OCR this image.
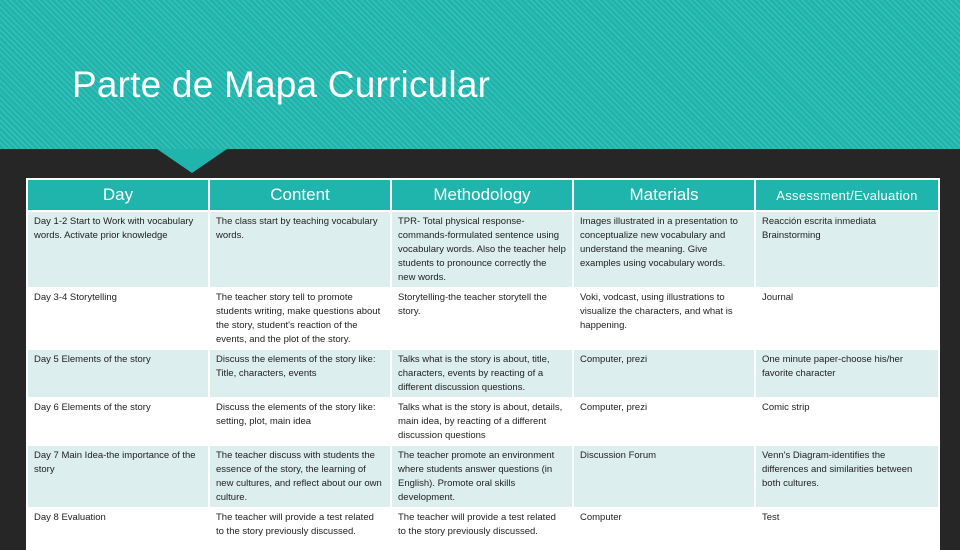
Parte de Mapa Curricular
Day	Content	Methodology	Materials	Assessment/Evaluation
Day 1-2 Start to Work with vocabulary words. Activate prior knowledge	The class start by teaching vocabulary words.	TPR- Total physical response-commands-formulated sentence using vocabulary words. Also the teacher help students to pronounce correctly the new words.	Images illustrated in a presentation to conceptualize new vocabulary and understand the meaning. Give examples using vocabulary words.	Reacción escrita inmediata Brainstorming
Day 3-4 Storytelling	The teacher story tell to promote students writing, make questions about the story, student's reaction of the events, and the plot of the story.	Storytelling-the teacher storytell the story.	Voki, vodcast, using illustrations to visualize the characters, and what is happening.	Journal
Day 5 Elements of the story	Discuss the elements of the story like: Title, characters, events	Talks what is the story is about, title, characters, events by reacting of a different discussion questions.	Computer, prezi	One minute paper-choose his/her favorite character
Day 6 Elements of the story	Discuss the elements of the story like: setting, plot, main idea	Talks what is the story is about, details, main idea, by reacting of a different discussion questions	Computer, prezi	Comic strip
Day 7 Main Idea-the importance of the story	The teacher discuss with students the essence of the story, the learning of new cultures, and reflect about our own culture.	The teacher promote an environment where students answer questions (in English). Promote oral skills development.	Discussion Forum	Venn's Diagram-identifies the differences and similarities between both cultures.
Day 8 Evaluation	The teacher will provide a test related to the story previously discussed.	The teacher will provide a test related to the story previously discussed.	Computer	Test
